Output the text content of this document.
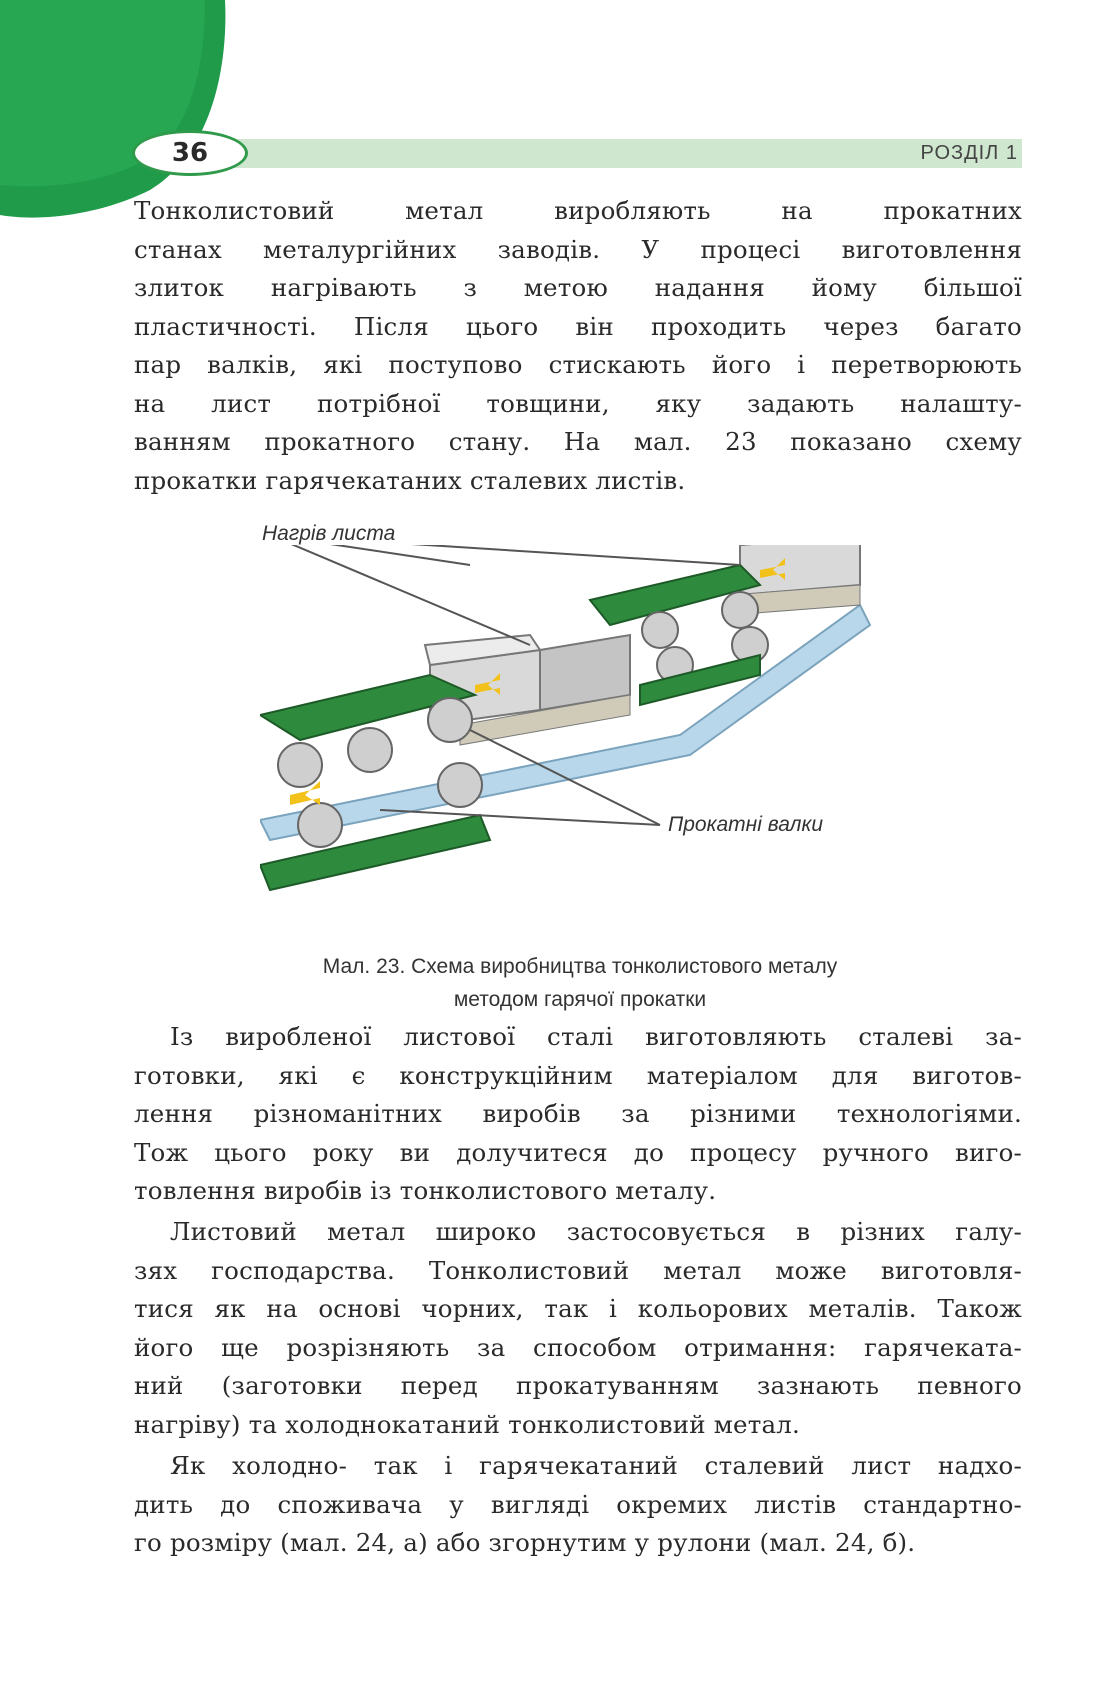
36	РОЗДІЛ 1

Тонколистовий метал виробляють на прокатних
станах металургійних заводів. У процесі виготовлення
злиток нагрівають з метою надання йому більшої
пластичності. Після цього він проходить через багато
пар валків, які поступово стискають його і перетворюють
на лист потрібної товщини, яку задають налашту-
ванням прокатного стану. На мал. 23 показано схему
прокатки гарячекатаних сталевих листів.

Нагрів листа
Прокатні валки
Мал. 23. Схема виробництва тонколистового металу
методом гарячої прокатки

Із виробленої листової сталі виготовляють сталеві за-
готовки, які є конструкційним матеріалом для виготов-
лення різноманітних виробів за різними технологіями.
Тож цього року ви долучитеся до процесу ручного виго-
товлення виробів із тонколистового металу.

Листовий метал широко застосовується в різних галу-
зях господарства. Тонколистовий метал може виготовля-
тися як на основі чорних, так і кольорових металів. Також
його ще розрізняють за способом отримання: гарячеката-
ний (заготовки перед прокатуванням зазнають певного
нагріву) та холоднокатаний тонколистовий метал.

Як холодно- так і гарячекатаний сталевий лист надхо-
дить до споживача у вигляді окремих листів стандартно-
го розміру (мал. 24, а) або згорнутим у рулони (мал. 24, б).
